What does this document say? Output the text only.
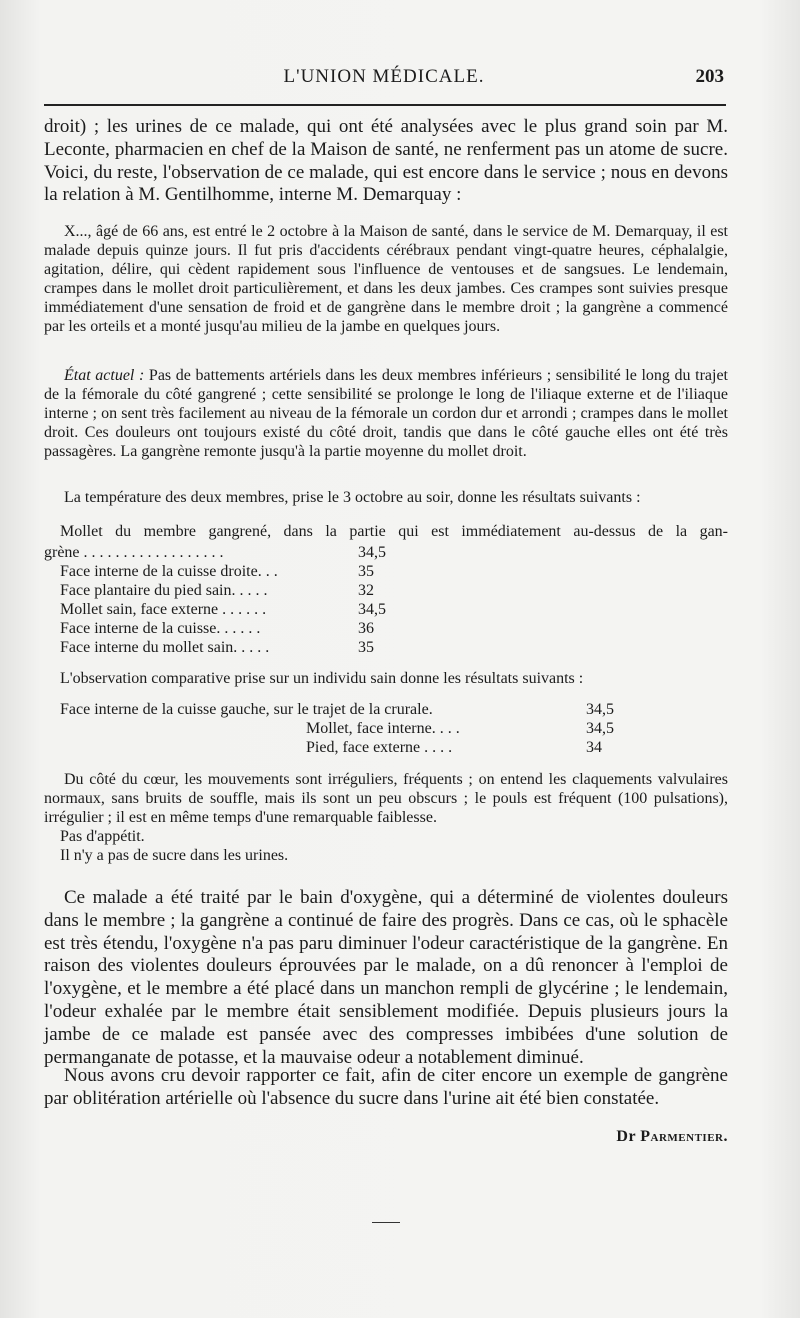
L'UNION MÉDICALE.	203

droit) ; les urines de ce malade, qui ont été analysées avec le plus grand soin par M. Leconte, pharmacien en chef de la Maison de santé, ne renferment pas un atome de sucre. Voici, du reste, l'observation de ce malade, qui est encore dans le service ; nous en devons la relation à M. Gentilhomme, interne M. Demarquay :

X..., âgé de 66 ans, est entré le 2 octobre à la Maison de santé, dans le service de M. Demarquay, il est malade depuis quinze jours. Il fut pris d'accidents cérébraux pendant vingt-quatre heures, céphalalgie, agitation, délire, qui cèdent rapidement sous l'influence de ventouses et de sangsues. Le lendemain, crampes dans le mollet droit particulièrement, et dans les deux jambes. Ces crampes sont suivies presque immédiatement d'une sensation de froid et de gangrène dans le membre droit ; la gangrène a commencé par les orteils et a monté jusqu'au milieu de la jambe en quelques jours.

État actuel : Pas de battements artériels dans les deux membres inférieurs ; sensibilité le long du trajet de la fémorale du côté gangrené ; cette sensibilité se prolonge le long de l'iliaque externe et de l'iliaque interne ; on sent très facilement au niveau de la fémorale un cordon dur et arrondi ; crampes dans le mollet droit. Ces douleurs ont toujours existé du côté droit, tandis que dans le côté gauche elles ont été très passagères. La gangrène remonte jusqu'à la partie moyenne du mollet droit.

La température des deux membres, prise le 3 octobre au soir, donne les résultats suivants :

Mollet du membre gangrené, dans la partie qui est immédiatement au-dessus de la gan-
grène . . . . . . . . . . . . . . . . . .	34,5
Face interne de la cuisse droite. . .	35
Face plantaire du pied sain. . . . .	32
Mollet sain, face externe . . . . . .	34,5
Face interne de la cuisse. . . . . .	36
Face interne du mollet sain. . . . .	35
L'observation comparative prise sur un individu sain donne les résultats suivants :
Face interne de la cuisse gauche, sur le trajet de la crurale.	34,5
Mollet, face interne. . . .	34,5
Pied, face externe . . . .	34

Du côté du cœur, les mouvements sont irréguliers, fréquents ; on entend les claquements valvulaires normaux, sans bruits de souffle, mais ils sont un peu obscurs ; le pouls est fréquent (100 pulsations), irrégulier ; il est en même temps d'une remarquable faiblesse.

Pas d'appétit.
Il n'y a pas de sucre dans les urines.

Ce malade a été traité par le bain d'oxygène, qui a déterminé de violentes douleurs dans le membre ; la gangrène a continué de faire des progrès. Dans ce cas, où le sphacèle est très étendu, l'oxygène n'a pas paru diminuer l'odeur caractéristique de la gangrène. En raison des violentes douleurs éprouvées par le malade, on a dû renoncer à l'emploi de l'oxygène, et le membre a été placé dans un manchon rempli de glycérine ; le lendemain, l'odeur exhalée par le membre était sensiblement modifiée. Depuis plusieurs jours la jambe de ce malade est pansée avec des compresses imbibées d'une solution de permanganate de potasse, et la mauvaise odeur a notablement diminué.

Nous avons cru devoir rapporter ce fait, afin de citer encore un exemple de gangrène par oblitération artérielle où l'absence du sucre dans l'urine ait été bien constatée.

Dr Parmentier.
